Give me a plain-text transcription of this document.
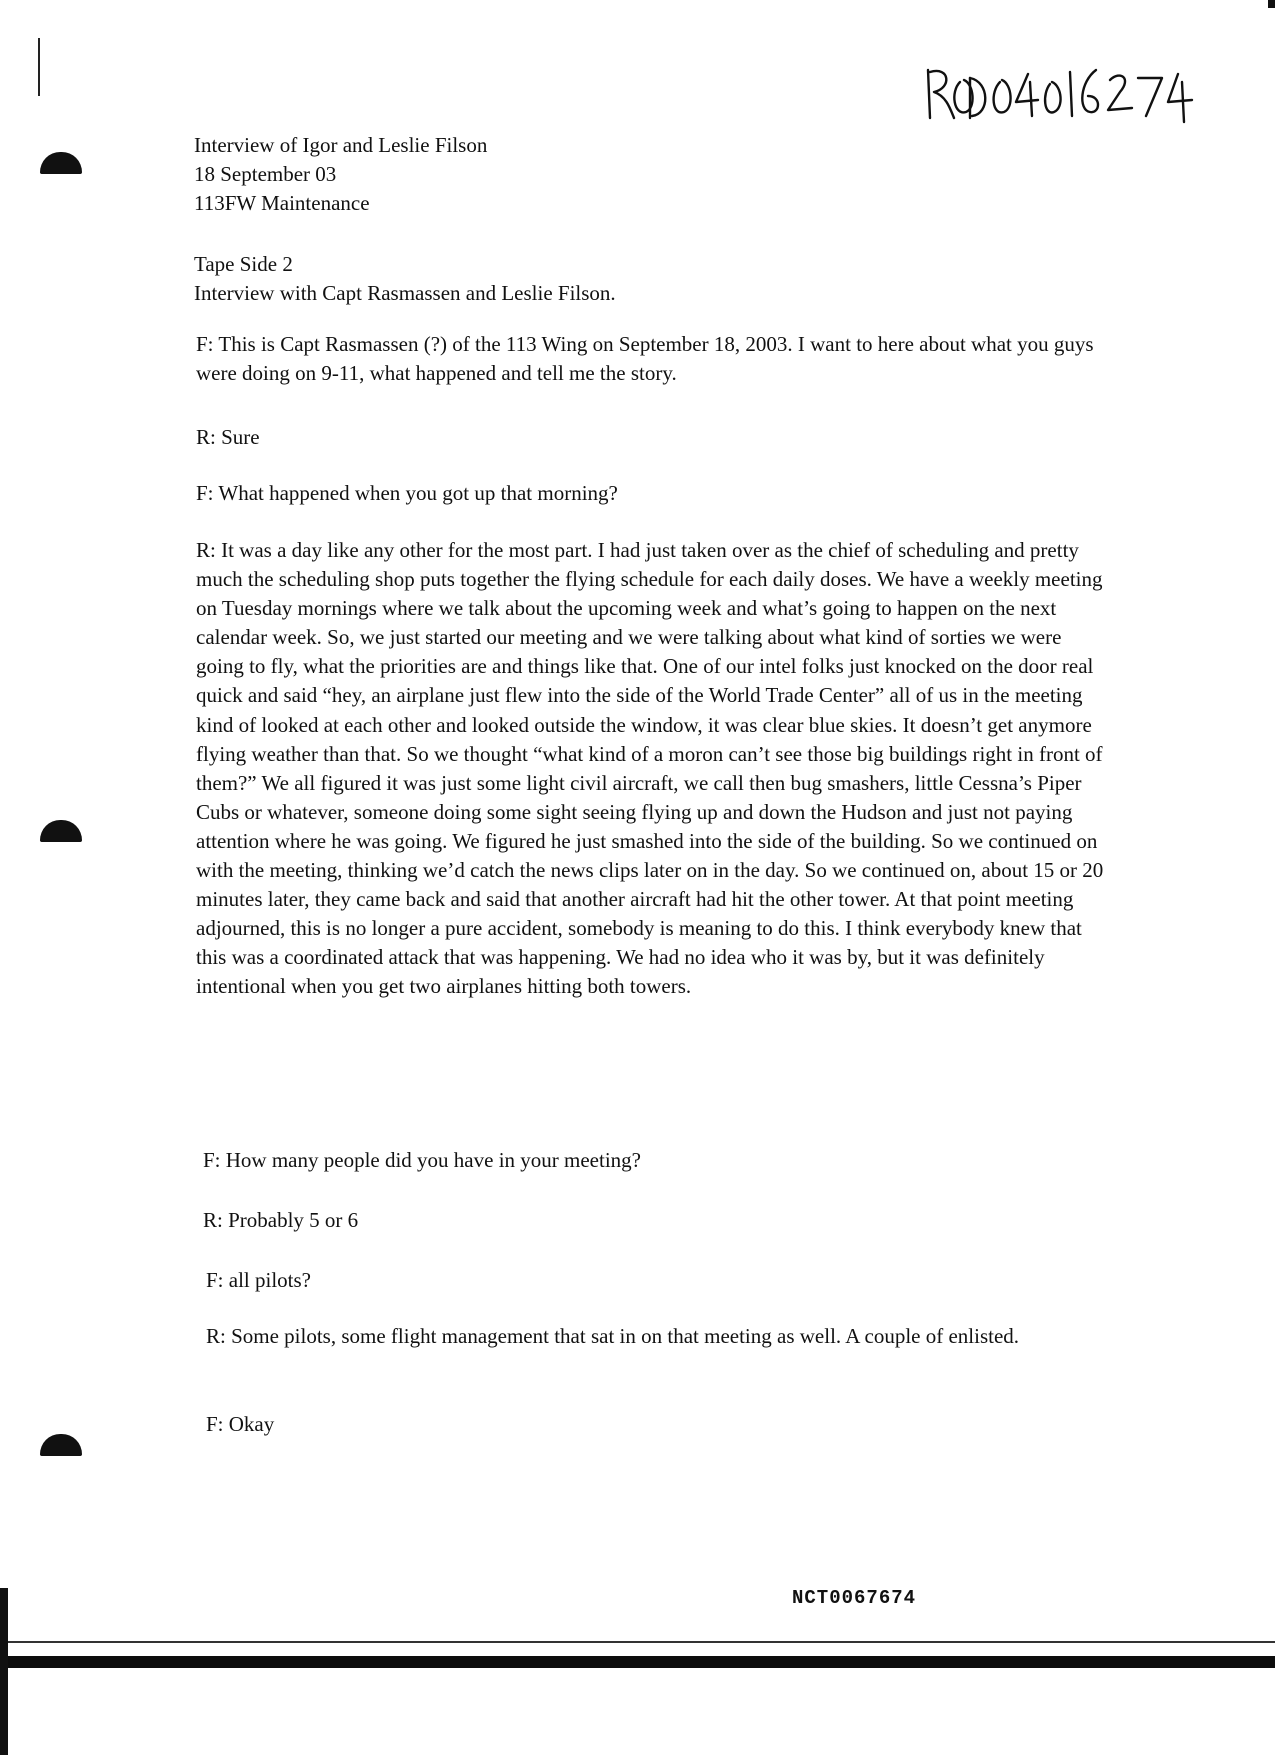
RDOD04016274
Interview of Igor and Leslie Filson
18 September 03
113FW Maintenance
Tape Side 2
Interview with Capt Rasmassen and Leslie Filson.

F: This is Capt Rasmassen (?) of the 113 Wing on September 18, 2003. I want to here about what you guys were doing on 9-11, what happened and tell me the story.

R: Sure

F: What happened when you got up that morning?

R: It was a day like any other for the most part. I had just taken over as the chief of scheduling and pretty much the scheduling shop puts together the flying schedule for each daily doses. We have a weekly meeting on Tuesday mornings where we talk about the upcoming week and what’s going to happen on the next calendar week. So, we just started our meeting and we were talking about what kind of sorties we were going to fly, what the priorities are and things like that. One of our intel folks just knocked on the door real quick and said “hey, an airplane just flew into the side of the World Trade Center” all of us in the meeting kind of looked at each other and looked outside the window, it was clear blue skies. It doesn’t get anymore flying weather than that. So we thought “what kind of a moron can’t see those big buildings right in front of them?” We all figured it was just some light civil aircraft, we call then bug smashers, little Cessna’s Piper Cubs or whatever, someone doing some sight seeing flying up and down the Hudson and just not paying attention where he was going. We figured he just smashed into the side of the building. So we continued on with the meeting, thinking we’d catch the news clips later on in the day. So we continued on, about 15 or 20 minutes later, they came back and said that another aircraft had hit the other tower. At that point meeting adjourned, this is no longer a pure accident, somebody is meaning to do this. I think everybody knew that this was a coordinated attack that was happening. We had no idea who it was by, but it was definitely intentional when you get two airplanes hitting both towers.

F: How many people did you have in your meeting?

R: Probably 5 or 6

F: all pilots?

R: Some pilots, some flight management that sat in on that meeting as well. A couple of enlisted.

F: Okay

NCT0067674
